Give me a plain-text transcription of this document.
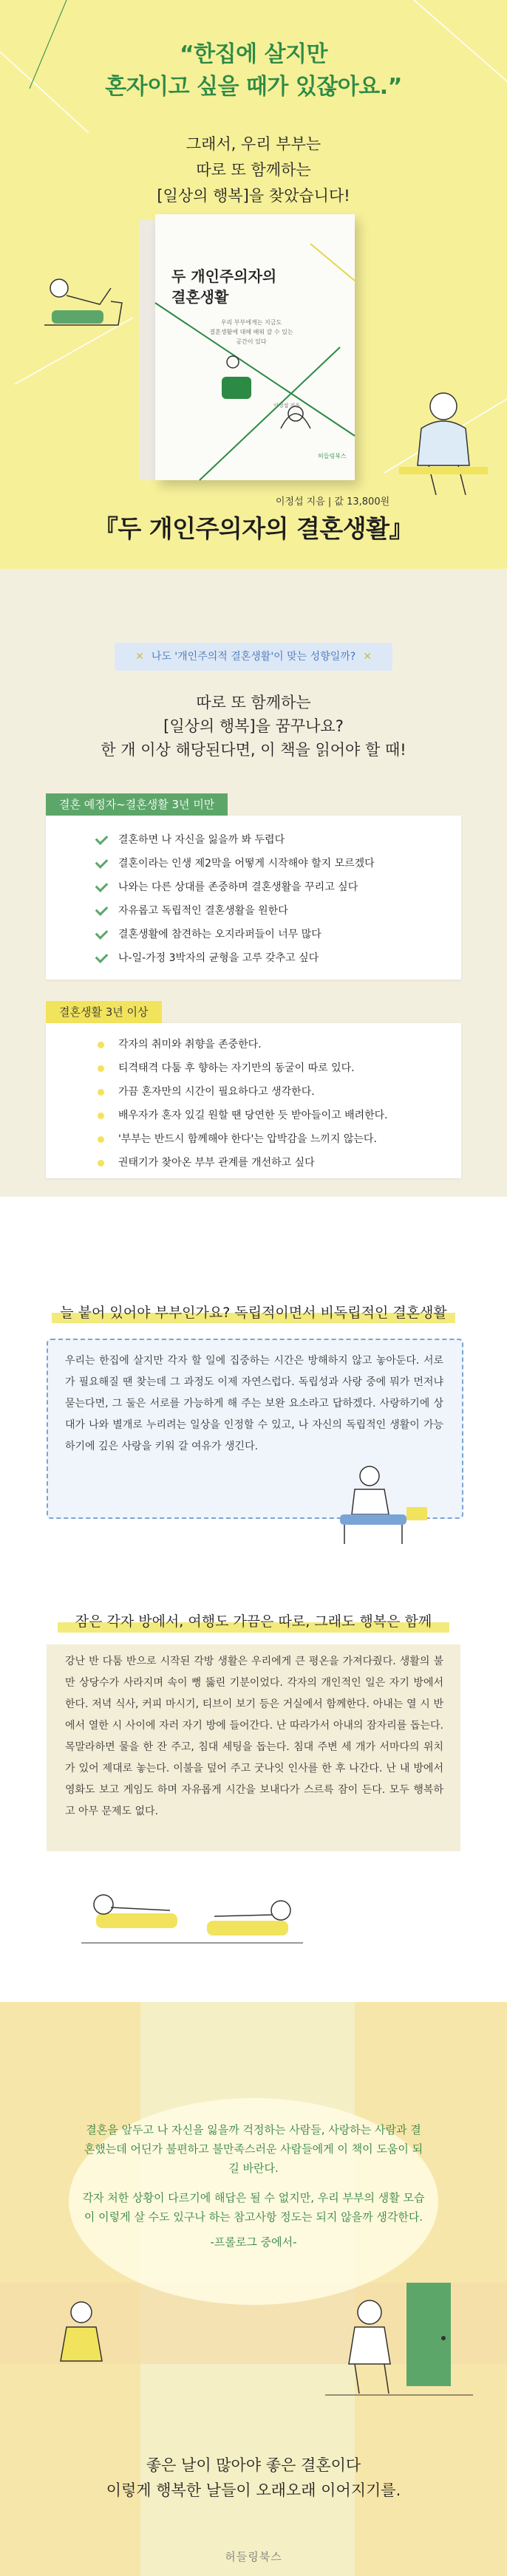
“한집에 살지만
혼자이고 싶을 때가 있잖아요.”
그래서, 우리 부부는
따로 또 함께하는
[일상의 행복]을 찾았습니다!
두 개인주의자의
결혼생활
우리 부부에게는 지금도
결혼생활에 대해 배워 갈 수 있는
공간이 있다
이정섭 지음
허들링북스
이정섭 지음 | 값 13,800원
『두 개인주의자의 결혼생활』
✕ 나도 '개인주의적 결혼생활'이 맞는 성향일까? ✕
따로 또 함께하는
[일상의 행복]을 꿈꾸나요?
한 개 이상 해당된다면, 이 책을 읽어야 할 때!
결혼 예정자~결혼생활 3년 미만
결혼하면 나 자신을 잃을까 봐 두렵다
결혼이라는 인생 제2막을 어떻게 시작해야 할지 모르겠다
나와는 다른 상대를 존중하며 결혼생활을 꾸리고 싶다
자유롭고 독립적인 결혼생활을 원한다
결혼생활에 참견하는 오지라퍼들이 너무 많다
나-일-가정 3박자의 균형을 고루 갖추고 싶다
결혼생활 3년 이상
각자의 취미와 취향을 존중한다.
티격태격 다툼 후 향하는 자기만의 동굴이 따로 있다.
가끔 혼자만의 시간이 필요하다고 생각한다.
배우자가 혼자 있길 원할 땐 당연한 듯 받아들이고 배려한다.
'부부는 반드시 함께해야 한다'는 압박감을 느끼지 않는다.
권태기가 찾아온 부부 관계를 개선하고 싶다
늘 붙어 있어야 부부인가요? 독립적이면서 비독립적인 결혼생활
우리는 한집에 살지만 각자 할 일에 집중하는 시간은 방해하지 않고 놓아둔다. 서로가 필요해질 땐 찾는데 그 과정도 이제 자연스럽다. 독립성과 사랑 중에 뭐가 먼저냐 묻는다면, 그 둘은 서로를 가능하게 해 주는 보완 요소라고 답하겠다. 사랑하기에 상대가 나와 별개로 누리려는 일상을 인정할 수 있고, 나 자신의 독립적인 생활이 가능하기에 깊은 사랑을 키워 갈 여유가 생긴다.
잠은 각자 방에서, 여행도 가끔은 따로, 그래도 행복은 함께
강난 반 다툼 반으로 시작된 각방 생활은 우리에게 큰 평온을 가져다줬다. 생활의 불만 상당수가 사라지며 속이 뻥 뚫린 기분이었다. 각자의 개인적인 일은 자기 방에서 한다. 저녁 식사, 커피 마시기, 티브이 보기 등은 거실에서 함께한다. 아내는 열 시 반에서 열한 시 사이에 자러 자기 방에 들어간다. 난 따라가서 아내의 잠자리를 돕는다. 목말라하면 물을 한 잔 주고, 침대 세팅을 돕는다. 침대 주변 세 개가 서마다의 위치가 있어 제대로 놓는다. 이불을 덮어 주고 굿나잇 인사를 한 후 나간다. 난 내 방에서 영화도 보고 게임도 하며 자유롭게 시간을 보내다가 스르륵 잠이 든다. 모두 행복하고 아무 문제도 없다.
결혼을 앞두고 나 자신을 잃을까 걱정하는 사람들, 사랑하는 사람과 결혼했는데 어딘가 불편하고 불만족스러운 사람들에게 이 책이 도움이 되길 바란다.
각자 처한 상황이 다르기에 해답은 될 수 없지만, 우리 부부의 생활 모습이 이렇게 살 수도 있구나 하는 참고사항 정도는 되지 않을까 생각한다.
-프롤로그 중에서-
좋은 날이 많아야 좋은 결혼이다
이렇게 행복한 날들이 오래오래 이어지기를.
허들링북스
